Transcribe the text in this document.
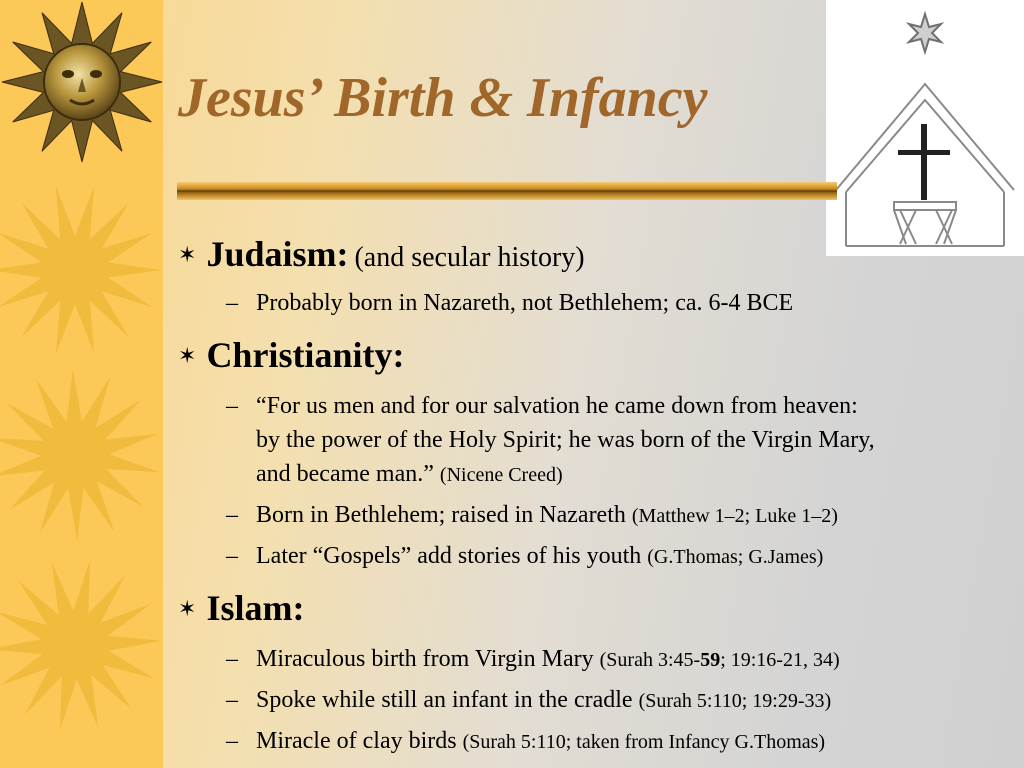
Jesus’ Birth & Infancy
✶ Judaism: (and secular history)
– Probably born in Nazareth, not Bethlehem; ca. 6-4 BCE
✶ Christianity:
– “For us men and for our salvation he came down from heaven:
by the power of the Holy Spirit; he was born of the Virgin Mary,
and became man.” (Nicene Creed)
– Born in Bethlehem; raised in Nazareth (Matthew 1–2; Luke 1–2)
– Later “Gospels” add stories of his youth (G.Thomas; G.James)
✶ Islam:
– Miraculous birth from Virgin Mary (Surah 3:45-59; 19:16-21, 34)
– Spoke while still an infant in the cradle (Surah 5:110; 19:29-33)
– Miracle of clay birds (Surah 5:110; taken from Infancy G.Thomas)
